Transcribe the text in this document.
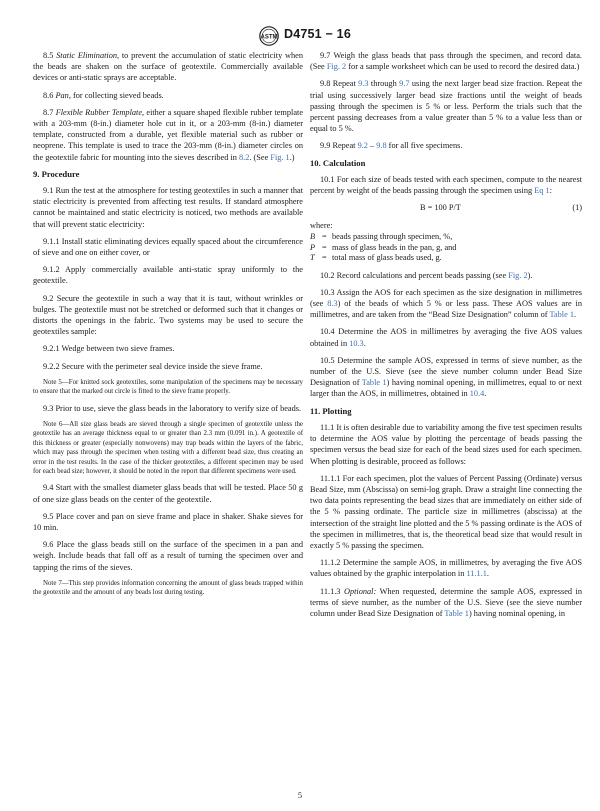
ASTM D4751 − 16

8.5 Static Elimination, to prevent the accumulation of static electricity when the beads are shaken on the surface of geotextile. Commercially available devices or anti-static sprays are acceptable.

8.6 Pan, for collecting sieved beads.

8.7 Flexible Rubber Template, either a square shaped flexible rubber template with a 203-mm (8-in.) diameter hole cut in it, or a 203-mm (8-in.) diameter template, constructed from a durable, yet flexible material such as rubber or neoprene. This template is used to trace the 203-mm (8-in.) diameter circles on the geotextile fabric for mounting into the sieves described in 8.2. (See Fig. 1.)

9. Procedure

9.1 Run the test at the atmosphere for testing geotextiles in such a manner that static electricity is prevented from affecting test results. If standard atmosphere cannot be maintained and static electricity is noticed, two methods are available that will prevent static electricity:

9.1.1 Install static eliminating devices equally spaced about the circumference of sieve and one on either cover, or

9.1.2 Apply commercially available anti-static spray uniformly to the geotextile.

9.2 Secure the geotextile in such a way that it is taut, without wrinkles or bulges. The geotextile must not be stretched or deformed such that it changes or distorts the openings in the fabric. Two systems may be used to secure the geotextiles sample:

9.2.1 Wedge between two sieve frames.

9.2.2 Secure with the perimeter seal device inside the sieve frame.

Note 5—For knitted sock geotextiles, some manipulation of the specimens may be necessary to ensure that the marked out circle is fitted to the sieve frame properly.

9.3 Prior to use, sieve the glass beads in the laboratory to verify size of beads.

Note 6—All size glass beads are sieved through a single specimen of geotextile unless the geotextile has an average thickness equal to or greater than 2.3 mm (0.091 in.). A geotextile of this thickness or greater (especially nonwovens) may trap beads within the layers of the fabric, which may pass through the specimen when testing with a different bead size, thus creating an error in the test results. In the case of the thicker geotextiles, a different specimen may be used for each bead size; however, it should be noted in the report that different specimens were used.

9.4 Start with the smallest diameter glass beads that will be tested. Place 50 g of one size glass beads on the center of the geotextile.

9.5 Place cover and pan on sieve frame and place in shaker. Shake sieves for 10 min.

9.6 Place the glass beads still on the surface of the specimen in a pan and weigh. Include beads that fall off as a result of turning the specimen over and tapping the rims of the sieves.

Note 7—This step provides information concerning the amount of glass beads trapped within the geotextile and the amount of any beads lost during testing.

9.7 Weigh the glass beads that pass through the specimen, and record data. (See Fig. 2 for a sample worksheet which can be used to record the desired data.)

9.8 Repeat 9.3 through 9.7 using the next larger bead size fraction. Repeat the trial using successively larger bead size fractions until the weight of beads passing through the specimen is 5 % or less. Perform the trials such that the percent passing decreases from a value greater than 5 % to a value less than or equal to 5 %.

9.9 Repeat 9.2 – 9.8 for all five specimens.

10. Calculation

10.1 For each size of beads tested with each specimen, compute to the nearest percent by weight of the beads passing through the specimen using Eq 1:

B = 100 P/T	(1)

where:

B = beads passing through specimen, %,
P = mass of glass beads in the pan, g, and
T = total mass of glass beads used, g.

10.2 Record calculations and percent beads passing (see Fig. 2).

10.3 Assign the AOS for each specimen as the size designation in millimetres (see 8.3) of the beads of which 5 % or less pass. These AOS values are in millimetres, and are taken from the “Bead Size Designation” column of Table 1.

10.4 Determine the AOS in millimetres by averaging the five AOS values obtained in 10.3.

10.5 Determine the sample AOS, expressed in terms of sieve number, as the number of the U.S. Sieve (see the sieve number column under Bead Size Designation of Table 1) having nominal opening, in millimetres, equal to or next larger than the AOS, in millimetres, obtained in 10.4.

11. Plotting

11.1 It is often desirable due to variability among the five test specimen results to determine the AOS value by plotting the percentage of beads passing the specimen versus the bead size for each of the bead sizes used for each specimen. When plotting is desirable, proceed as follows:

11.1.1 For each specimen, plot the values of Percent Passing (Ordinate) versus Bead Size, mm (Abscissa) on semi-log graph. Draw a straight line connecting the two data points representing the bead sizes that are immediately on either side of the 5 % passing ordinate. The particle size in millimetres (abscissa) at the intersection of the straight line plotted and the 5 % passing ordinate is the AOS of the specimen in millimetres, that is, the theoretical bead size that would result in exactly 5 % passing the specimen.

11.1.2 Determine the sample AOS, in millimetres, by averaging the five AOS values obtained by the graphic interpolation in 11.1.1.

11.1.3 Optional: When requested, determine the sample AOS, expressed in terms of sieve number, as the number of the U.S. Sieve (see the sieve number column under Bead Size Designation of Table 1) having nominal opening, in

5
